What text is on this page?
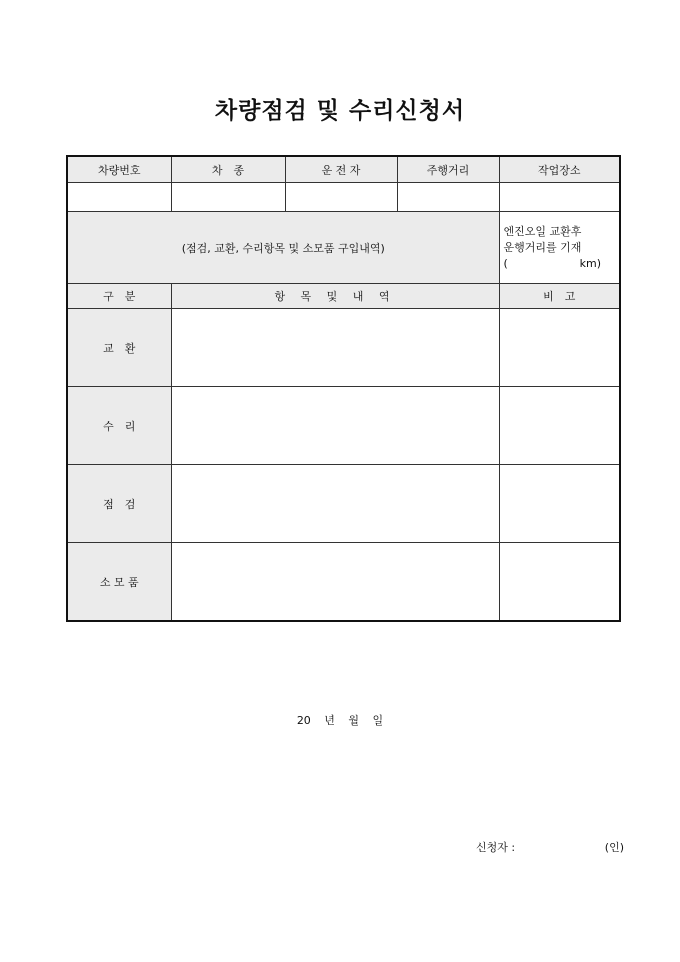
차량점검 및 수리신청서
차량번호	차　종	운 전 자	주행거리	작업장소

(점검, 교환, 수리항목 및 소모품 구입내역)				엔진오일 교환후
운행거리를 기재
( km)

구　분	항 목 및 내 역			비　고
교　환				
수　리				
점　검				
소 모 품				
20 년 월 일
신청자 :	(인)
